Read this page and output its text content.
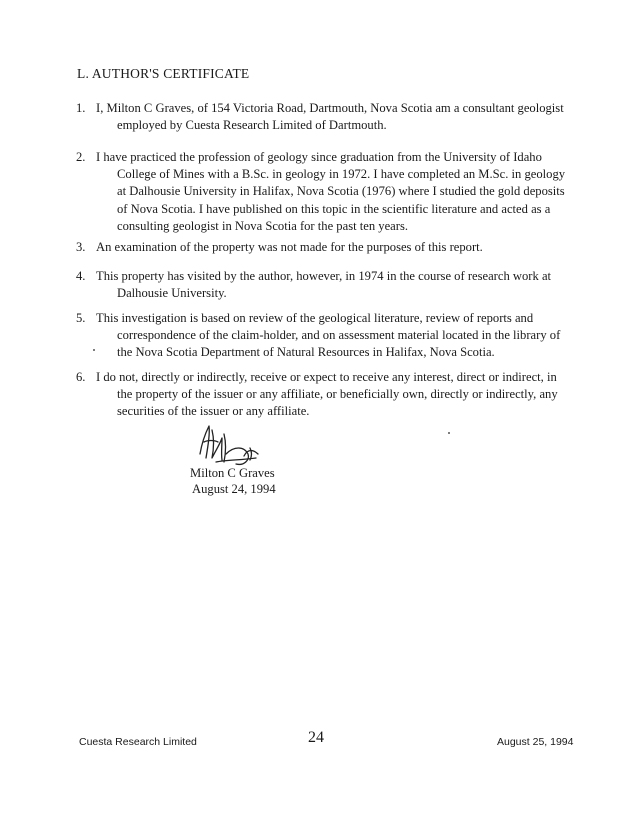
L. AUTHOR'S CERTIFICATE
1. I, Milton C Graves, of 154 Victoria Road, Dartmouth, Nova Scotia am a consultant geologist employed by Cuesta Research Limited of Dartmouth.
2. I have practiced the profession of geology since graduation from the University of Idaho College of Mines with a B.Sc. in geology in 1972. I have completed an M.Sc. in geology at Dalhousie University in Halifax, Nova Scotia (1976) where I studied the gold deposits of Nova Scotia. I have published on this topic in the scientific literature and acted as a consulting geologist in Nova Scotia for the past ten years.
3. An examination of the property was not made for the purposes of this report.
4. This property has visited by the author, however, in 1974 in the course of research work at Dalhousie University.
5. This investigation is based on review of the geological literature, review of reports and correspondence of the claim-holder, and on assessment material located in the library of the Nova Scotia Department of Natural Resources in Halifax, Nova Scotia.
6. I do not, directly or indirectly, receive or expect to receive any interest, direct or indirect, in the property of the issuer or any affiliate, or beneficially own, directly or indirectly, any securities of the issuer or any affiliate.
Milton C Graves
August 24, 1994
Cuesta Research Limited	24	August 25, 1994
